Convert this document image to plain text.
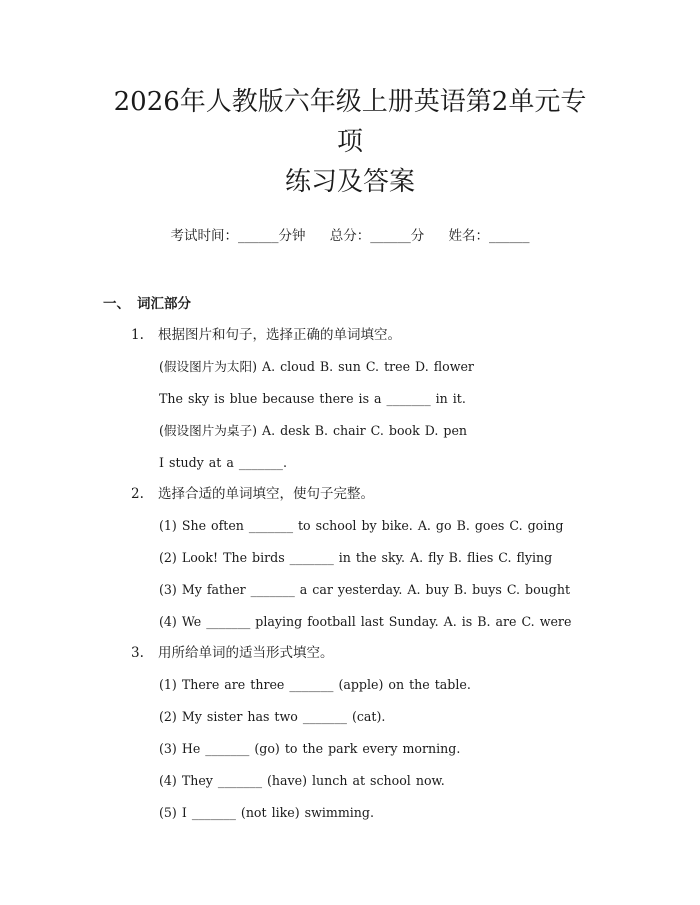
2026年人教版六年级上册英语第2单元专项
练习及答案
考试时间：______分钟 总分：______分 姓名：______
一、 词汇部分
1. 根据图片和句子，选择正确的单词填空。
(假设图片为太阳) A. cloud B. sun C. tree D. flower
The sky is blue because there is a _______ in it.
(假设图片为桌子) A. desk B. chair C. book D. pen
I study at a _______.
2. 选择合适的单词填空，使句子完整。
(1) She often _______ to school by bike. A. go B. goes C. going
(2) Look! The birds _______ in the sky. A. fly B. flies C. flying
(3) My father _______ a car yesterday. A. buy B. buys C. bought
(4) We _______ playing football last Sunday. A. is B. are C. were
3. 用所给单词的适当形式填空。
(1) There are three _______ (apple) on the table.
(2) My sister has two _______ (cat).
(3) He _______ (go) to the park every morning.
(4) They _______ (have) lunch at school now.
(5) I _______ (not like) swimming.
